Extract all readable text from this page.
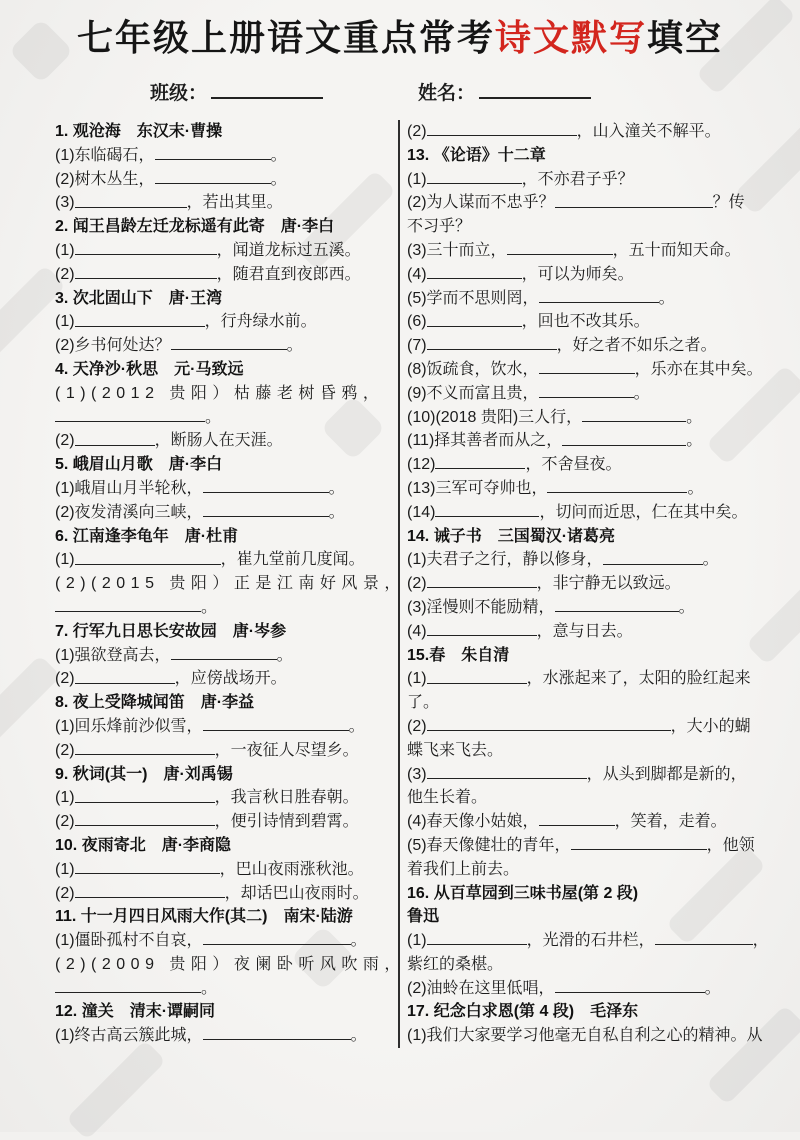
七年级上册语文重点常考诗文默写填空
班级：	姓名：
1. 观沧海　东汉末·曹操
(1)东临碣石，	。
(2)树木丛生，	。
(3)	，若出其里。
2. 闻王昌龄左迁龙标遥有此寄　唐·李白
(1)	，闻道龙标过五溪。
(2)	，随君直到夜郎西。
3. 次北固山下　唐·王湾
(1)	，行舟绿水前。
(2)乡书何处达？	。
4. 天净沙·秋思　元·马致远
(1)(2012 贵阳）枯藤老树昏鸦，
。
(2)	，断肠人在天涯。
5. 峨眉山月歌　唐·李白
(1)峨眉山月半轮秋，	。
(2)夜发清溪向三峡，	。
6. 江南逢李龟年　唐·杜甫
(1)	，崔九堂前几度闻。
(2)(2015 贵阳）正是江南好风景，
。
7. 行军九日思长安故园　唐·岑参
(1)强欲登高去，	。
(2)	，应傍战场开。
8. 夜上受降城闻笛　唐·李益
(1)回乐烽前沙似雪，	。
(2)	，一夜征人尽望乡。
9. 秋词(其一)　唐·刘禹锡
(1)	，我言秋日胜春朝。
(2)	，便引诗情到碧霄。
10. 夜雨寄北　唐·李商隐
(1)	，巴山夜雨涨秋池。
(2)	，却话巴山夜雨时。
11. 十一月四日风雨大作(其二)　南宋·陆游
(1)僵卧孤村不自哀，	。
(2)(2009 贵阳）夜阑卧听风吹雨，
。
12. 潼关　清末·谭嗣同
(1)终古高云簇此城，	。
(2)	，山入潼关不解平。
13. 《论语》十二章
(1)	，不亦君子乎？
(2)为人谋而不忠乎？	？传
不习乎？
(3)三十而立，	，五十而知天命。
(4)	，可以为师矣。
(5)学而不思则罔，	。
(6)	，回也不改其乐。
(7)	，好之者不如乐之者。
(8)饭疏食，饮水，	，乐亦在其中矣。
(9)不义而富且贵，	。
(10)(2018 贵阳)三人行，	。
(11)择其善者而从之，	。
(12)	，不舍昼夜。
(13)三军可夺帅也，	。
(14)	，切问而近思，仁在其中矣。
14. 诫子书　三国蜀汉·诸葛亮
(1)夫君子之行，静以修身，	。
(2)	，非宁静无以致远。
(3)淫慢则不能励精，	。
(4)	，意与日去。
15.春　朱自清
(1)	，水涨起来了，太阳的脸红起来
了。
(2)	，大小的蝴
蝶飞来飞去。
(3)	，从头到脚都是新的，
他生长着。
(4)春天像小姑娘，	，笑着，走着。
(5)春天像健壮的青年，	，他领
着我们上前去。
16. 从百草园到三味书屋(第 2 段)
鲁迅
(1)	，光滑的石井栏，	，
紫红的桑椹。
(2)油蛉在这里低唱，	。
17. 纪念白求恩(第 4 段)　毛泽东
(1)我们大家要学习他毫无自私自利之心的精神。从
